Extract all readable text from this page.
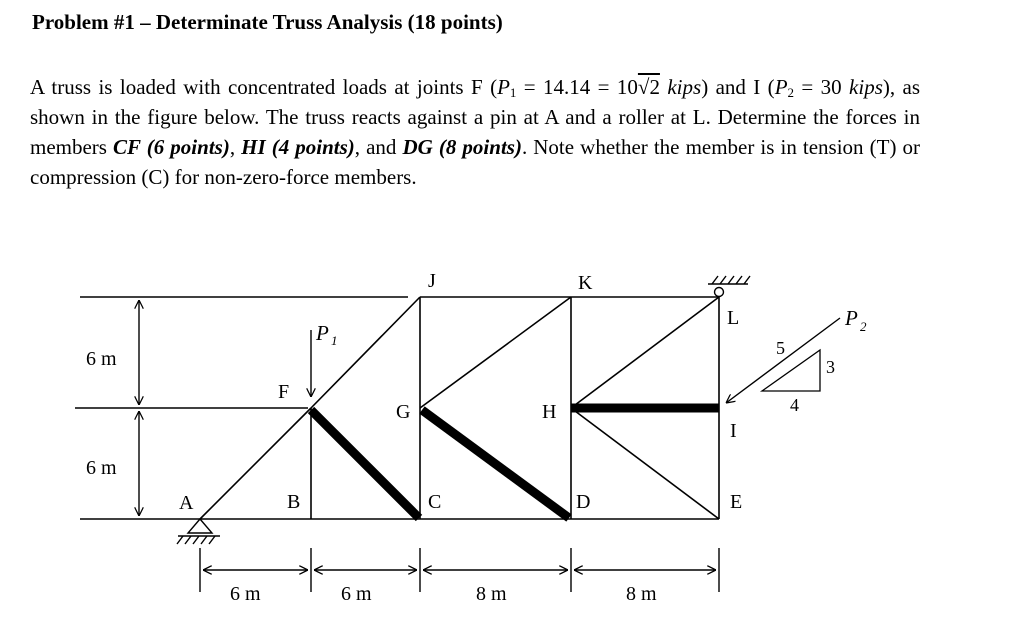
Problem #1 – Determinate Truss Analysis (18 points)
A truss is loaded with concentrated loads at joints F ($P_1 = 14.14 = 10√2$ kips) and I ($P_2 = 30$ kips), as shown in the figure below. The truss reacts against a pin at A and a roller at L. Determine the forces in members CF (6 points), HI (4 points), and DG (8 points). Note whether the member is in tension (T) or compression (C) for non-zero-force members.
6 m
6 m
P 1
P 2
5
3
4
A	B	C	D	E
F
G	H
I
J	K
L
6 m	6 m	8 m	8 m
